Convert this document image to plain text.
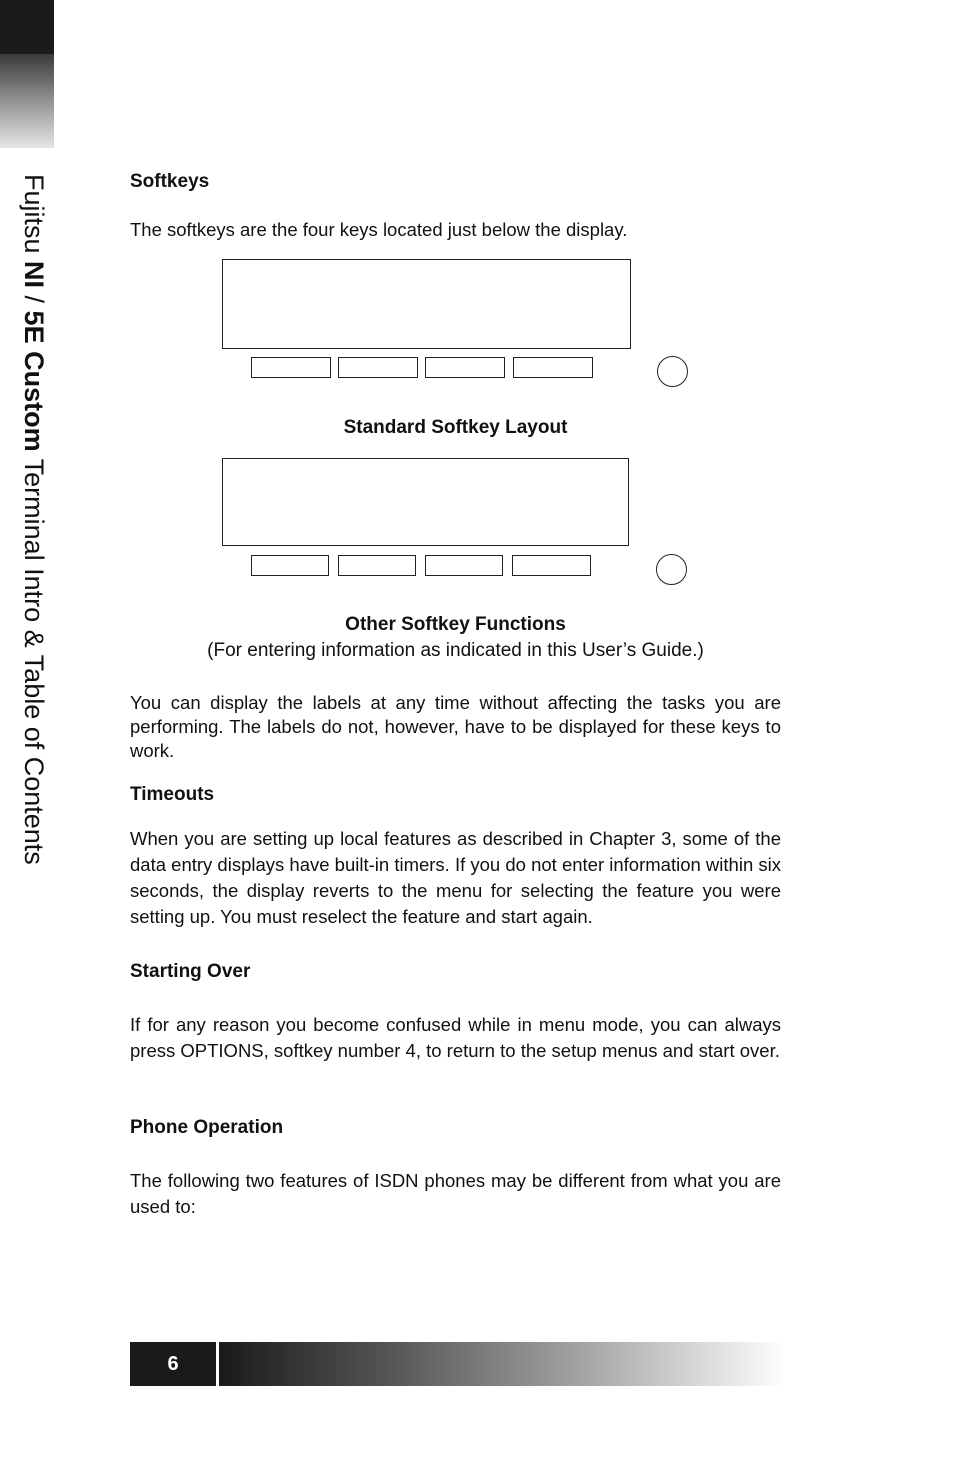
Fujitsu NI / 5E Custom Terminal Intro & Table of Contents
Softkeys

The softkeys are the four keys located just below the display.

Standard Softkey Layout

Other Softkey Functions

(For entering information as indicated in this User’s Guide.)

You can display the labels at any time without affecting the tasks you are performing. The labels do not, however, have to be displayed for these keys to work.

Timeouts

When you are setting up local features as described in Chapter 3, some of the data entry displays have built-in timers. If you do not enter information within six seconds, the display reverts to the menu for selecting the feature you were setting up. You must reselect the feature and start again.

Starting Over

If for any reason you become confused while in menu mode, you can always press OPTIONS, softkey number 4, to return to the setup menus and start over.

Phone Operation

The following two features of ISDN phones may be different from what you are used to:

6
